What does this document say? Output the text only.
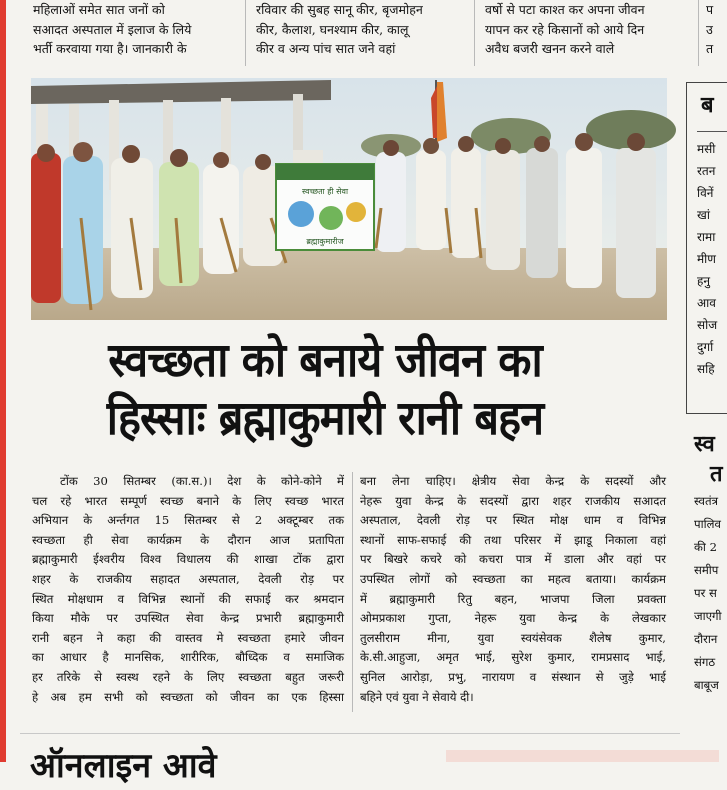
महिलाओं समेत सात जनों को
सआदत अस्पताल में इलाज के लिये
भर्ती करवाया गया है। जानकारी के
रविवार की सुबह सानू कीर, बृजमोहन
कीर, कैलाश, घनश्याम कीर, कालू
कीर व अन्य पांच सात जने वहां
वर्षो से पटा काश्त कर अपना जीवन
यापन कर रहे किसानों को आये दिन
अवैध बजरी खनन करने वाले
प
उ
त
स्वच्छता ही सेवा
ब्रह्माकुमारीज
स्वच्छता को बनाये जीवन का
हिस्साः ब्रह्माकुमारी रानी बहन
टोंक 30 सितम्बर (का.स.)। देश के कोने-कोने में
चल रहे भारत सम्पूर्ण स्वच्छ बनाने के लिए स्वच्छ भारत
अभियान के अर्न्तगत 15 सितम्बर से 2 अक्टूम्बर तक
स्वच्छता ही सेवा कार्यक्रम के दौरान आज प्रतापिता
ब्रह्माकुमारी ईश्वरीय विश्व विधालय की शाखा टोंक द्वारा
शहर के राजकीय सहादत अस्पताल, देवली रोड़ पर
स्थित मोक्षधाम व विभिन्न स्थानों की सफाई कर श्रमदान
किया मौके पर उपस्थित सेवा केन्द्र प्रभारी ब्रह्माकुमारी
रानी बहन ने कहा की वास्तव मे स्वच्छता हमारे जीवन
का आधार है मानसिक, शारीरिक, बौध्दिक व समाजिक
हर तरिके से स्वस्थ रहने के लिए स्वच्छता बहुत जरूरी
हे अब हम सभी को स्वच्छता को जीवन का एक हिस्सा
बना लेना चाहिए। क्षेत्रीय सेवा केन्द्र के सदस्यों और
नेहरू युवा केन्द्र के सदस्यों द्वारा शहर राजकीय सआदत
अस्पताल, देवली रोड़ पर स्थित मोक्ष धाम व विभिन्न
स्थानों साफ-सफाई की तथा परिसर में झाडू निकाला वहां
पर बिखरे कचरे को कचरा पात्र में डाला और वहां पर
उपस्थित लोगों को स्वच्छता का महत्व बताया। कार्यक्रम
में ब्रह्माकुमारी रितु बहन, भाजपा जिला प्रवक्ता
ओमप्रकाश गुप्ता, नेहरू युवा केन्द्र के लेखकार
तुलसीराम मीना, युवा स्वयंसेवक शैलेष कुमार,
के.सी.आहुजा, अमृत भाई, सुरेश कुमार, रामप्रसाद भाई,
सुनिल आरोड़ा, प्रभु, नारायण व संस्थान से जुड़े भाई
बहिने एवं युवा ने सेवाये दी।
ब
मसी
रतन
विनें
खां
रामा
मीण
हनु
आव
सोज
दुर्गा
सहि
स्व
त
स्वतंत्र
पालिव
की 2
समीप
पर स
जाएगी
दौरान
संगठ
बाबूज
ऑनलाइन आवे
